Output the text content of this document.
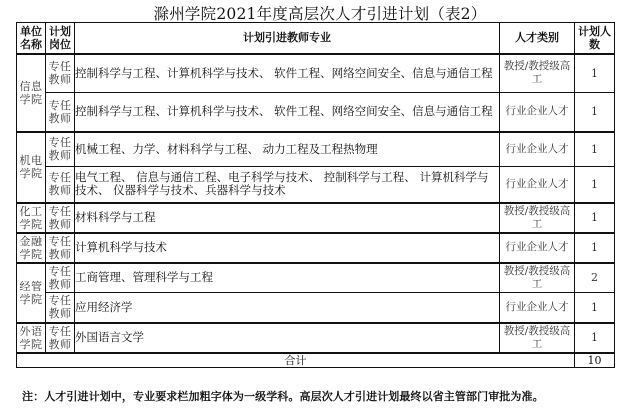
滁州学院2021年度高层次人才引进计划（表2）
单位名称	计划岗位	计划引进教师专业	人才类别	计划人数
信息学院	专任教师	控制科学与工程、计算机科学与技术、 软件工程、网络空间安全、信息与通信工程	教授/教授级高工	1
	专任教师	控制科学与工程、计算机科学与技术、 软件工程、网络空间安全、信息与通信工程	行业企业人才	1
机电学院	专任教师	机械工程、力学、材料科学与工程、 动力工程及工程热物理	行业企业人才	1
	专任教师	电气工程、 信息与通信工程、电子科学与技术、 控制科学与工程、 计算机科学与技术、 仪器科学与技术、兵器科学与技术	行业企业人才	1
化工学院	专任教师	材料科学与工程	教授/教授级高工	1
金融学院	专任教师	计算机科学与技术	行业企业人才	1
经管学院	专任教师	工商管理、管理科学与工程	教授/教授级高工	2
	专任教师	应用经济学	行业企业人才	1
外语学院	专任教师	外国语言文学	教授/教授级高工	1
合计				10
注：人才引进计划中，专业要求栏加粗字体为一级学科。高层次人才引进计划最终以省主管部门审批为准。
